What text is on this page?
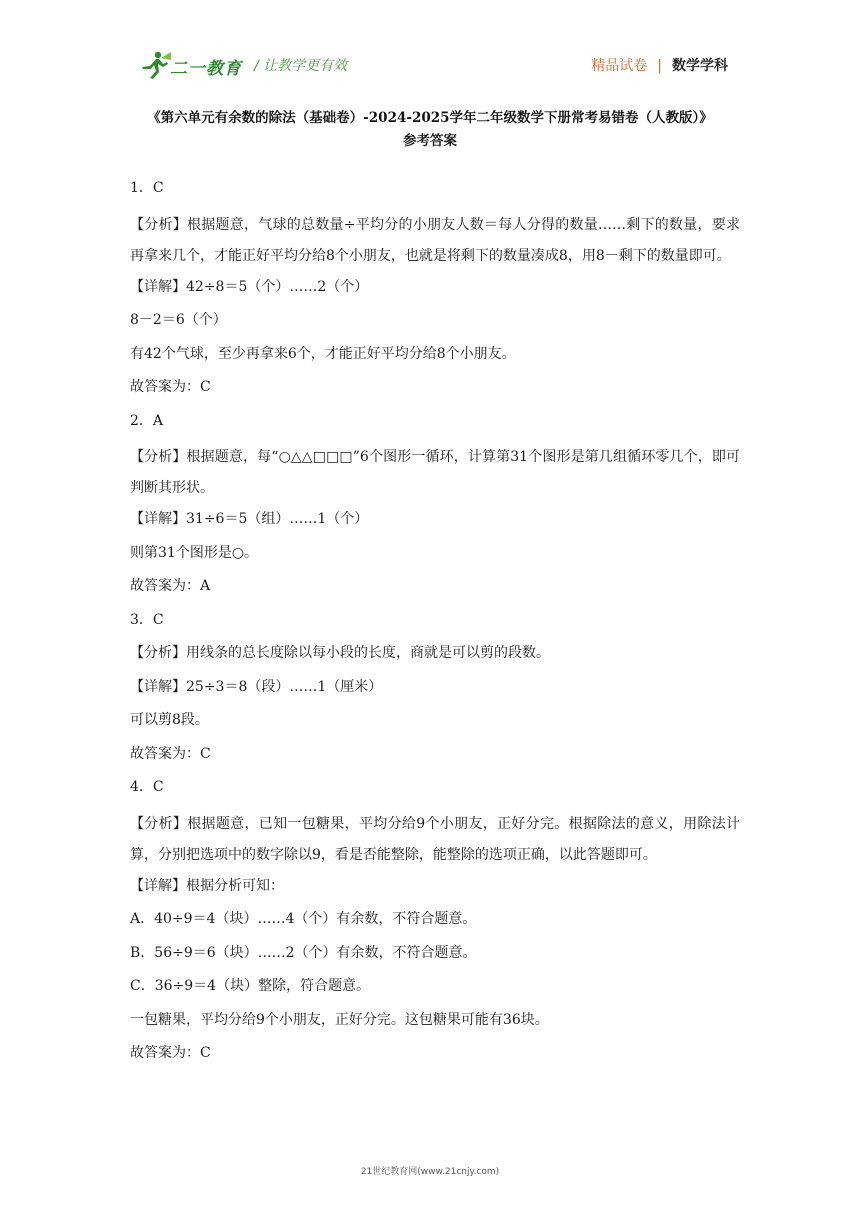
二一教育 / 让教学更有效	精品试卷 | 数学学科
《第六单元有余数的除法（基础卷）-2024-2025学年二年级数学下册常考易错卷（人教版）》
参考答案
1．C
【分析】根据题意，气球的总数量÷平均分的小朋友人数＝每人分得的数量……剩下的数量，要求再拿来几个，才能正好平均分给8个小朋友，也就是将剩下的数量凑成8，用8－剩下的数量即可。
【详解】42÷8＝5（个）……2（个）
8－2＝6（个）
有42个气球，至少再拿来6个，才能正好平均分给8个小朋友。
故答案为：C
2．A
【分析】根据题意，每“○△△□□□”6个图形一循环，计算第31个图形是第几组循环零几个，即可判断其形状。
【详解】31÷6＝5（组）……1（个）
则第31个图形是○。
故答案为：A
3．C
【分析】用线条的总长度除以每小段的长度，商就是可以剪的段数。
【详解】25÷3＝8（段）……1（厘米）
可以剪8段。
故答案为：C
4．C
【分析】根据题意，已知一包糖果，平均分给9个小朋友，正好分完。根据除法的意义，用除法计算，分别把选项中的数字除以9，看是否能整除，能整除的选项正确，以此答题即可。
【详解】根据分析可知：
A．40÷9＝4（块）……4（个）有余数，不符合题意。
B．56÷9＝6（块）……2（个）有余数，不符合题意。
C．36÷9＝4（块）整除，符合题意。
一包糖果，平均分给9个小朋友，正好分完。这包糖果可能有36块。
故答案为：C
21世纪教育网(www.21cnjy.com)
